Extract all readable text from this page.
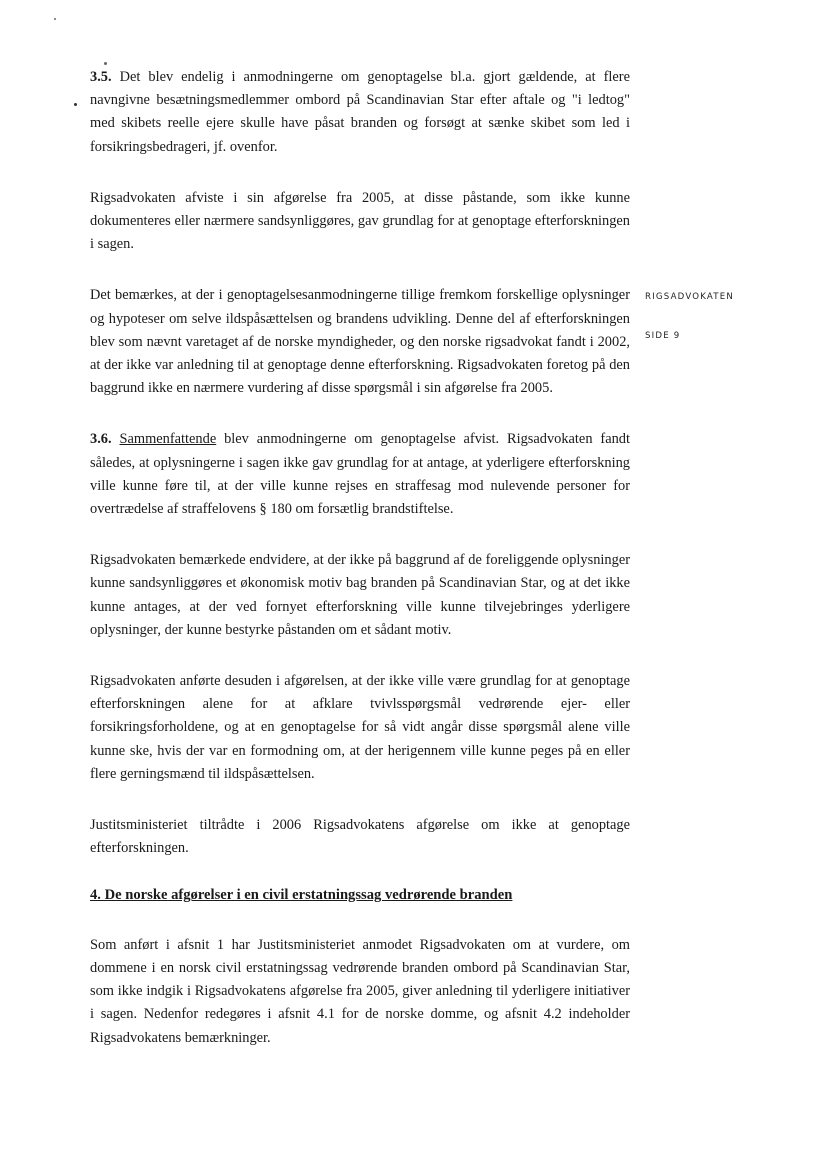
RIGSADVOKATEN
SIDE 9

3.5. Det blev endelig i anmodningerne om genoptagelse bl.a. gjort gældende, at flere navngivne besætningsmedlemmer ombord på Scandinavian Star efter aftale og "i ledtog" med skibets reelle ejere skulle have påsat branden og forsøgt at sænke skibet som led i forsikringsbedrageri, jf. ovenfor.

Rigsadvokaten afviste i sin afgørelse fra 2005, at disse påstande, som ikke kunne dokumenteres eller nærmere sandsynliggøres, gav grundlag for at genoptage efterforskningen i sagen.

Det bemærkes, at der i genoptagelsesanmodningerne tillige fremkom forskellige oplysninger og hypoteser om selve ildspåsættelsen og brandens udvikling. Denne del af efterforskningen blev som nævnt varetaget af de norske myndigheder, og den norske rigsadvokat fandt i 2002, at der ikke var anledning til at genoptage denne efterforskning. Rigsadvokaten foretog på den baggrund ikke en nærmere vurdering af disse spørgsmål i sin afgørelse fra 2005.

3.6. Sammenfattende blev anmodningerne om genoptagelse afvist. Rigsadvokaten fandt således, at oplysningerne i sagen ikke gav grundlag for at antage, at yderligere efterforskning ville kunne føre til, at der ville kunne rejses en straffesag mod nulevende personer for overtrædelse af straffelovens § 180 om forsætlig brandstiftelse.

Rigsadvokaten bemærkede endvidere, at der ikke på baggrund af de foreliggende oplysninger kunne sandsynliggøres et økonomisk motiv bag branden på Scandinavian Star, og at det ikke kunne antages, at der ved fornyet efterforskning ville kunne tilvejebringes yderligere oplysninger, der kunne bestyrke påstanden om et sådant motiv.

Rigsadvokaten anførte desuden i afgørelsen, at der ikke ville være grundlag for at genoptage efterforskningen alene for at afklare tvivlsspørgsmål vedrørende ejer- eller forsikringsforholdene, og at en genoptagelse for så vidt angår disse spørgsmål alene ville kunne ske, hvis der var en formodning om, at der herigennem ville kunne peges på en eller flere gerningsmænd til ildspåsættelsen.

Justitsministeriet tiltrådte i 2006 Rigsadvokatens afgørelse om ikke at genoptage efterforskningen.

4. De norske afgørelser i en civil erstatningssag vedrørende branden

Som anført i afsnit 1 har Justitsministeriet anmodet Rigsadvokaten om at vurdere, om dommene i en norsk civil erstatningssag vedrørende branden ombord på Scandinavian Star, som ikke indgik i Rigsadvokatens afgørelse fra 2005, giver anledning til yderligere initiativer i sagen. Nedenfor redegøres i afsnit 4.1 for de norske domme, og afsnit 4.2 indeholder Rigsadvokatens bemærkninger.
